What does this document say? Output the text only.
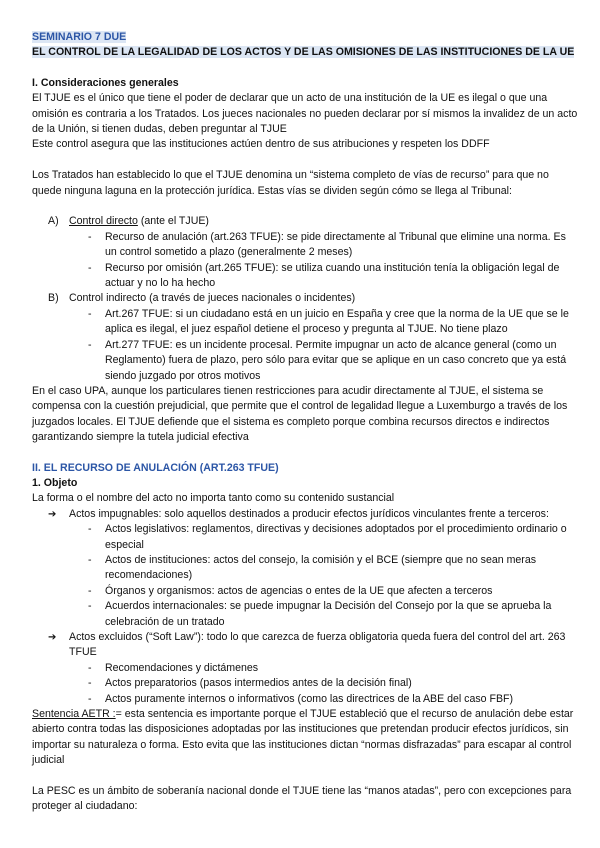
SEMINARIO 7 DUE
EL CONTROL DE LA LEGALIDAD DE LOS ACTOS Y DE LAS OMISIONES DE LAS INSTITUCIONES DE LA UE
I. Consideraciones generales

El TJUE es el único que tiene el poder de declarar que un acto de una institución de la UE es ilegal o que una omisión es contraria a los Tratados. Los jueces nacionales no pueden declarar por sí mismos la invalidez de un acto de la Unión, si tienen dudas, deben preguntar al TJUE

Este control asegura que las instituciones actúen dentro de sus atribuciones y respeten los DDFF

Los Tratados han establecido lo que el TJUE denomina un “sistema completo de vías de recurso” para que no quede ninguna laguna en la protección jurídica. Estas vías se dividen según cómo se llega al Tribunal:

A) Control directo (ante el TJUE)
- Recurso de anulación (art.263 TFUE): se pide directamente al Tribunal que elimine una norma. Es un control sometido a plazo (generalmente 2 meses)
- Recurso por omisión (art.265 TFUE): se utiliza cuando una institución tenía la obligación legal de actuar y no lo ha hecho
B) Control indirecto (a través de jueces nacionales o incidentes)
- Art.267 TFUE: si un ciudadano está en un juicio en España y cree que la norma de la UE que se le aplica es ilegal, el juez español detiene el proceso y pregunta al TJUE. No tiene plazo
- Art.277 TFUE: es un incidente procesal. Permite impugnar un acto de alcance general (como un Reglamento) fuera de plazo, pero sólo para evitar que se aplique en un caso concreto que ya está siendo juzgado por otros motivos

En el caso UPA, aunque los particulares tienen restricciones para acudir directamente al TJUE, el sistema se compensa con la cuestión prejudicial, que permite que el control de legalidad llegue a Luxemburgo a través de los juzgados locales. El TJUE defiende que el sistema es completo porque combina recursos directos e indirectos garantizando siempre la tutela judicial efectiva

II. EL RECURSO DE ANULACIÓN (ART.263 TFUE)
1. Objeto

La forma o el nombre del acto no importa tanto como su contenido sustancial

➔ Actos impugnables: solo aquellos destinados a producir efectos jurídicos vinculantes frente a terceros:
- Actos legislativos: reglamentos, directivas y decisiones adoptados por el procedimiento ordinario o especial
- Actos de instituciones: actos del consejo, la comisión y el BCE (siempre que no sean meras recomendaciones)
- Órganos y organismos: actos de agencias o entes de la UE que afecten a terceros
- Acuerdos internacionales: se puede impugnar la Decisión del Consejo por la que se aprueba la celebración de un tratado
➔ Actos excluidos (“Soft Law”): todo lo que carezca de fuerza obligatoria queda fuera del control del art. 263 TFUE
- Recomendaciones y dictámenes
- Actos preparatorios (pasos intermedios antes de la decisión final)
- Actos puramente internos o informativos (como las directrices de la ABE del caso FBF)

Sentencia AETR := esta sentencia es importante porque el TJUE estableció que el recurso de anulación debe estar abierto contra todas las disposiciones adoptadas por las instituciones que pretendan producir efectos jurídicos, sin importar su naturaleza o forma. Esto evita que las instituciones dictan “normas disfrazadas” para escapar al control judicial

La PESC es un ámbito de soberanía nacional donde el TJUE tiene las “manos atadas”, pero con excepciones para proteger al ciudadano:
